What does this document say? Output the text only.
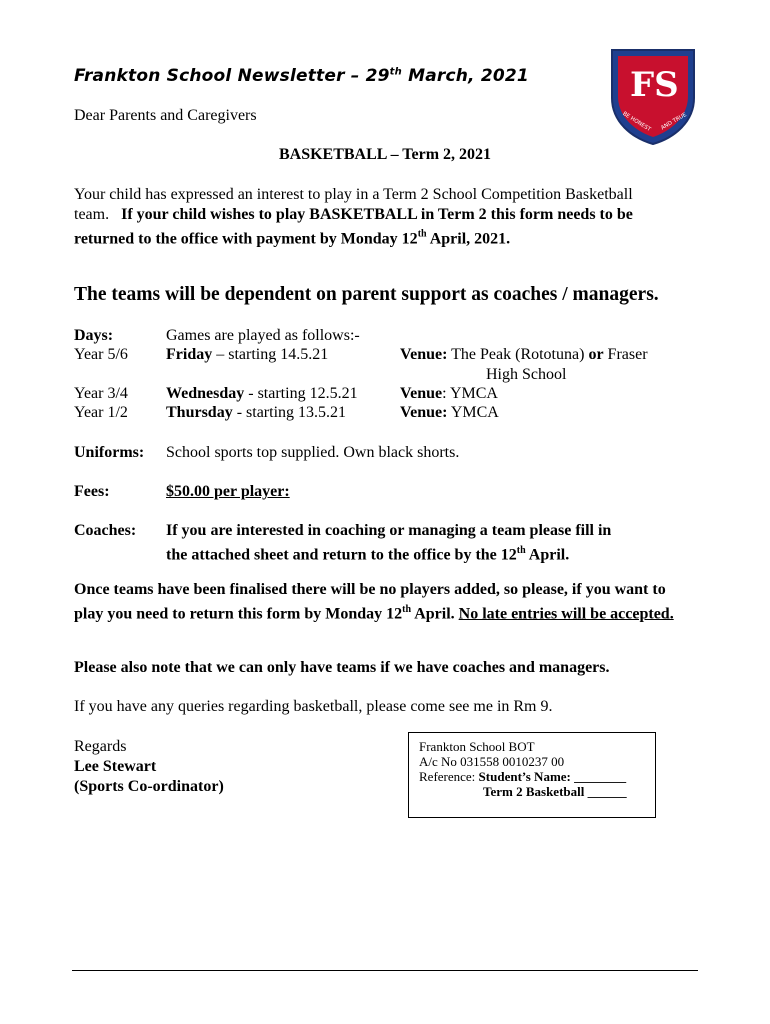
Frankton School Newsletter – 29th March, 2021	FS
BE HONEST AND TRUE
Dear Parents and Caregivers
BASKETBALL – Term 2, 2021
Your child has expressed an interest to play in a Term 2 School Competition Basketball team. If your child wishes to play BASKETBALL in Term 2 this form needs to be returned to the office with payment by Monday 12th April, 2021.
The teams will be dependent on parent support as coaches / managers.
Days:	Games are played as follows:-
Year 5/6 Friday – starting 14.5.21	Venue: The Peak (Rototuna) or Fraser
High School
Year 3/4 Wednesday - starting 12.5.21	Venue: YMCA
Year 1/2 Thursday - starting 13.5.21	Venue: YMCA
Uniforms: School sports top supplied. Own black shorts.
Fees:	$50.00 per player:
Coaches: If you are interested in coaching or managing a team please fill in
the attached sheet and return to the office by the 12th April.
Once teams have been finalised there will be no players added, so please, if you want to play you need to return this form by Monday 12th April. No late entries will be accepted.
Please also note that we can only have teams if we have coaches and managers.
If you have any queries regarding basketball, please come see me in Rm 9.
Regards
Lee Stewart
(Sports Co-ordinator)
Frankton School BOT
A/c No 031558 0010237 00
Reference: Student’s Name: ________
Term 2 Basketball ______
